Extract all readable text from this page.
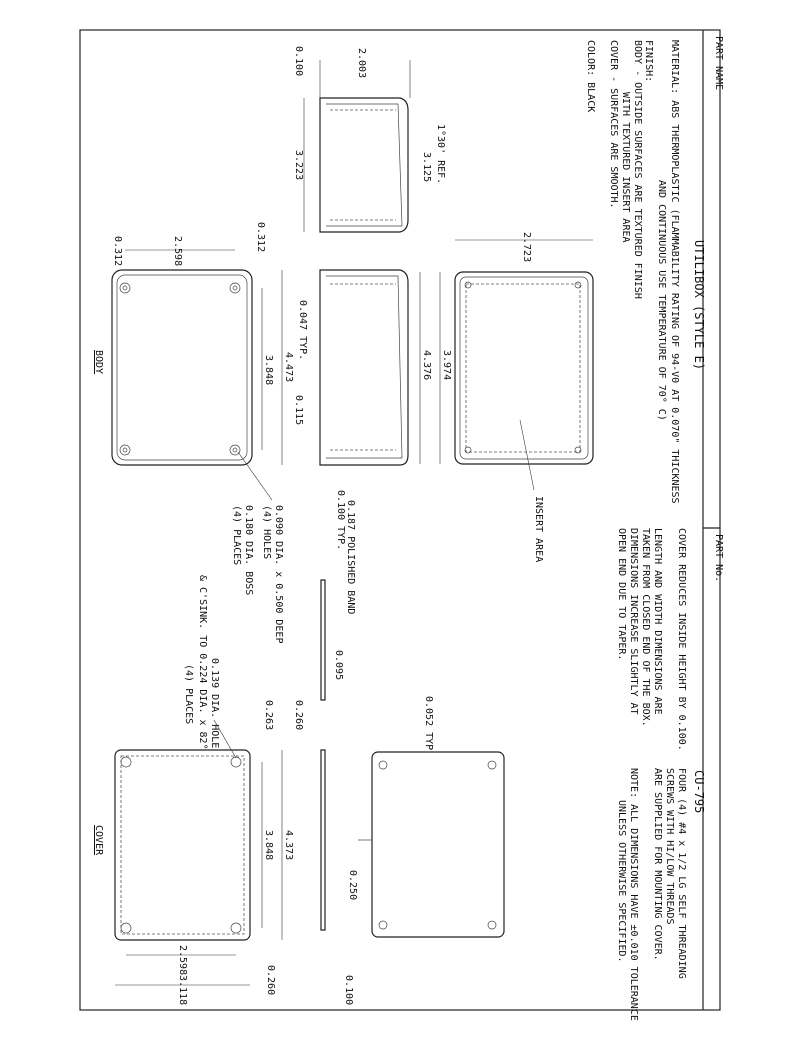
PART NAME
UTILIBOX (STYLE E)
PART No.
CU-795
MATERIAL: ABS THERMOPLASTIC (FLAMMABILITY RATING OF 94-V0 AT 0.070" THICKNESS
AND CONTINUOUS USE TEMPERATURE OF 70° C)
FINISH:
BODY - OUTSIDE SURFACES ARE TEXTURED FINISH
WITH TEXTURED INSERT AREA
COVER - SURFACES ARE SMOOTH.
COLOR: BLACK
COVER REDUCES INSIDE HEIGHT BY 0.100.
LENGTH AND WIDTH DIMENSIONS ARE
TAKEN FROM CLOSED END OF THE BOX.
DIMENSIONS INCREASE SLIGHTLY AT
OPEN END DUE TO TAPER.
FOUR (4) #4 x 1/2 LG SELF THREADING
SCREWS WITH HI/LOW THREADS
ARE SUPPLIED FOR MOUNTING COVER.
NOTE: ALL DIMENSIONS HAVE ±0.010 TOLERANCE
UNLESS OTHERWISE SPECIFIED.
0.100	2.003
1°30' REF.
3.125
3.223
0.047 TYP.
4.473
0.115
0.100 TYP. 0.187 POLISHED BAND
2.723
3.974
4.376
INSERT AREA
0.312	2.598	0.312
3.848
BODY
0.090 DIA. x 0.500 DEEP
(4) HOLES
0.180 DIA. BOSS
(4) PLACES
0.052 TYP
0.095
0.260
0.250
0.100
0.263
4.373
3.848
2.598
3.118	0.260
COVER
0.139 DIA. HOLE
& C'SINK. TO 0.224 DIA. x 82°
(4) PLACES
